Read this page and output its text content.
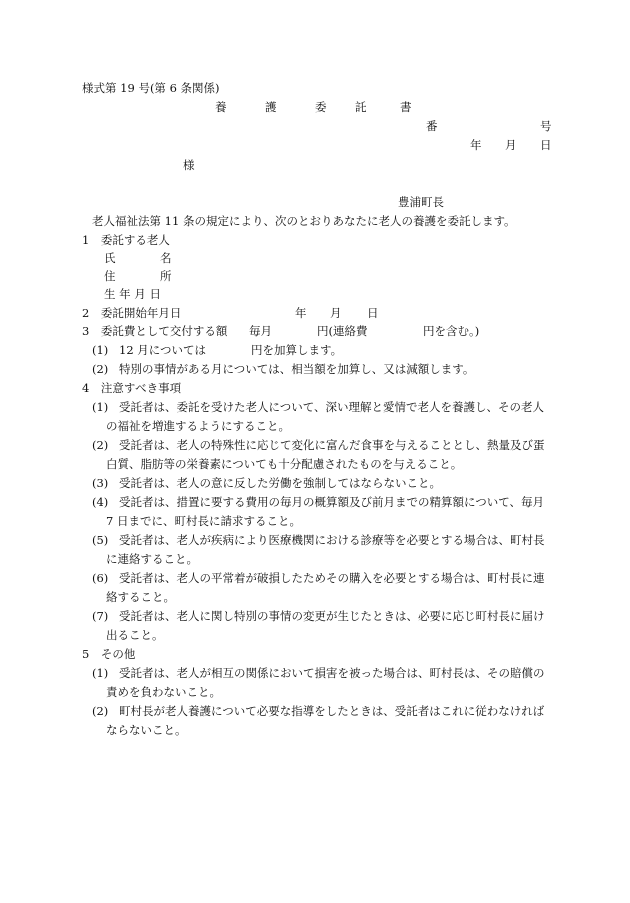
様式第 19 号(第 6 条関係)
養	護	委 託	書
番	号
年 月 日
様
豊浦町長
老人福祉法第 11 条の規定により、次のとおりあなたに老人の養護を委託します。
1　委託する老人
氏	名
住	所
生 年 月 日
2　委託開始年月日	年 月 日
3　委託費として交付する額 毎月	円(連絡費	円を含む。)
(1) 12 月については	円を加算します。
(2) 特別の事情がある月については、相当額を加算し、又は減額します。
4　注意すべき事項
(1) 受託者は、委託を受けた老人について、深い理解と愛情で老人を養護し、その老人
の福祉を増進するようにすること。
(2) 受託者は、老人の特殊性に応じて変化に富んだ食事を与えることとし、熱量及び蛋
白質、脂肪等の栄養素についても十分配慮されたものを与えること。
(3) 受託者は、老人の意に反した労働を強制してはならないこと。
(4) 受託者は、措置に要する費用の毎月の概算額及び前月までの精算額について、毎月
7 日までに、町村長に請求すること。
(5) 受託者は、老人が疾病により医療機関における診療等を必要とする場合は、町村長
に連絡すること。
(6) 受託者は、老人の平常着が破損したためその購入を必要とする場合は、町村長に連
絡すること。
(7) 受託者は、老人に関し特別の事情の変更が生じたときは、必要に応じ町村長に届け
出ること。
5　その他
(1) 受託者は、老人が相互の関係において損害を被った場合は、町村長は、その賠償の
責めを負わないこと。
(2) 町村長が老人養護について必要な指導をしたときは、受託者はこれに従わなければ
ならないこと。
